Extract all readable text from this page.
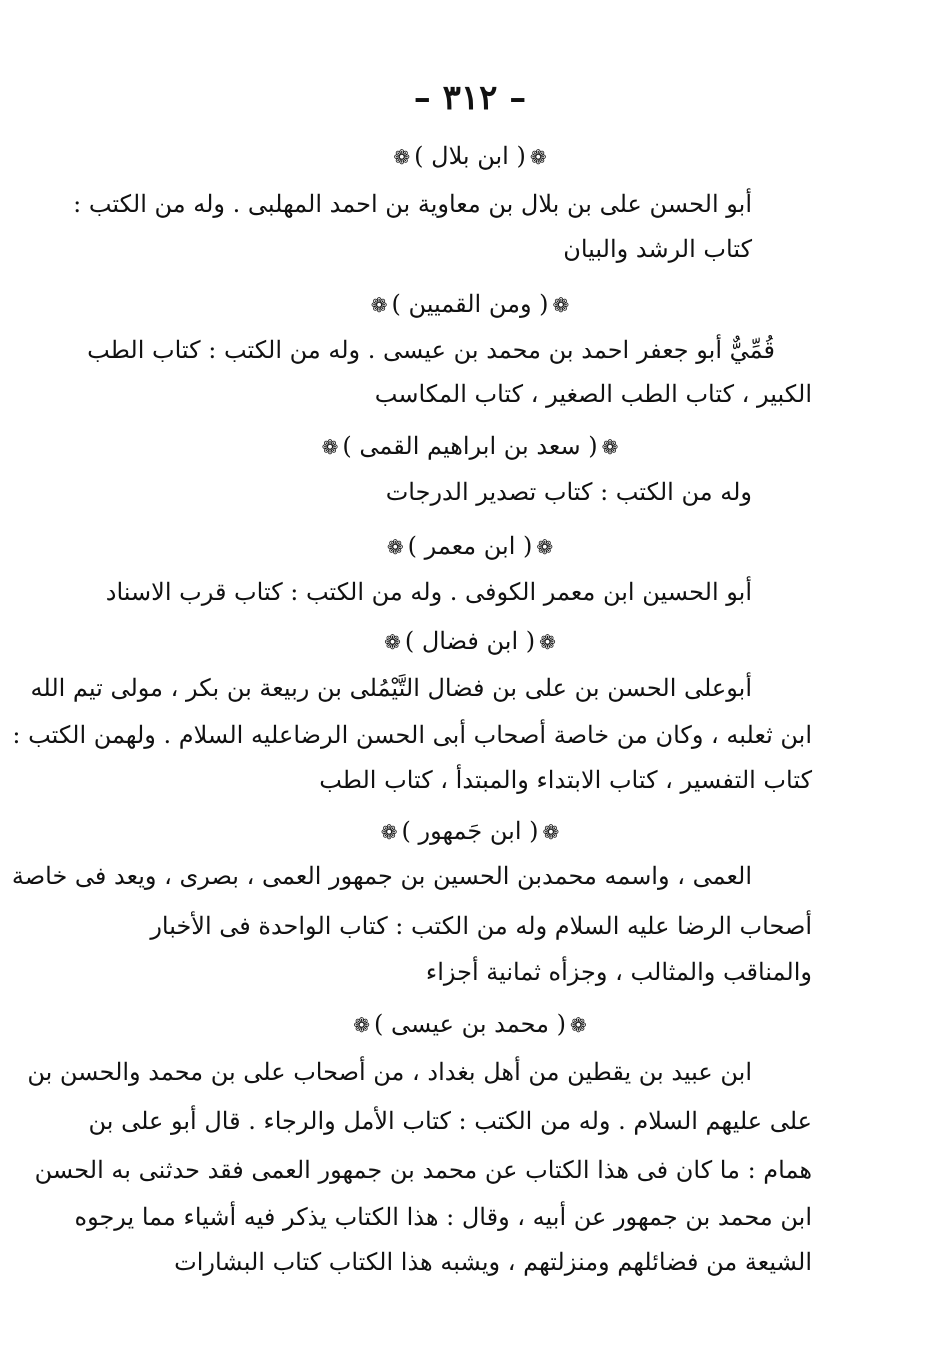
– ٣١٢ –
❁( ابن بلال )❁
أبو الحسن على بن بلال بن معاوية بن احمد المهلبى . وله من الكتب :
كتاب الرشد والبيان
❁( ومن القميين )❁
قُمِّيٌّ أبو جعفر احمد بن محمد بن عيسى . وله من الكتب : كتاب الطب
الكبير ، كتاب الطب الصغير ، كتاب المكاسب
❁( سعد بن ابراهيم القمى )❁
وله من الكتب : كتاب تصدير الدرجات
❁( ابن معمر )❁
أبو الحسين ابن معمر الكوفى . وله من الكتب : كتاب قرب الاسناد
❁( ابن فضال )❁
أبوعلى الحسن بن على بن فضال التَّيْمُلى بن ربيعة بن بكر ، مولى تيم الله
ابن ثعلبه ، وكان من خاصة أصحاب أبى الحسن الرضاعليه السلام . ولهمن الكتب :
كتاب التفسير ، كتاب الابتداء والمبتدأ ، كتاب الطب
❁( ابن جَمهور )❁
العمى ، واسمه محمدبن الحسين بن جمهور العمى ، بصرى ، ويعد فى خاصة
أصحاب الرضا عليه السلام وله من الكتب : كتاب الواحدة فى الأخبار
والمناقب والمثالب ، وجزأه ثمانية أجزاء
❁( محمد بن عيسى )❁
ابن عبيد بن يقطين من أهل بغداد ، من أصحاب على بن محمد والحسن بن
على عليهم السلام . وله من الكتب : كتاب الأمل والرجاء . قال أبو على بن
همام : ما كان فى هذا الكتاب عن محمد بن جمهور العمى فقد حدثنى به الحسن
ابن محمد بن جمهور عن أبيه ، وقال : هذا الكتاب يذكر فيه أشياء مما يرجوه
الشيعة من فضائلهم ومنزلتهم ، ويشبه هذا الكتاب كتاب البشارات
